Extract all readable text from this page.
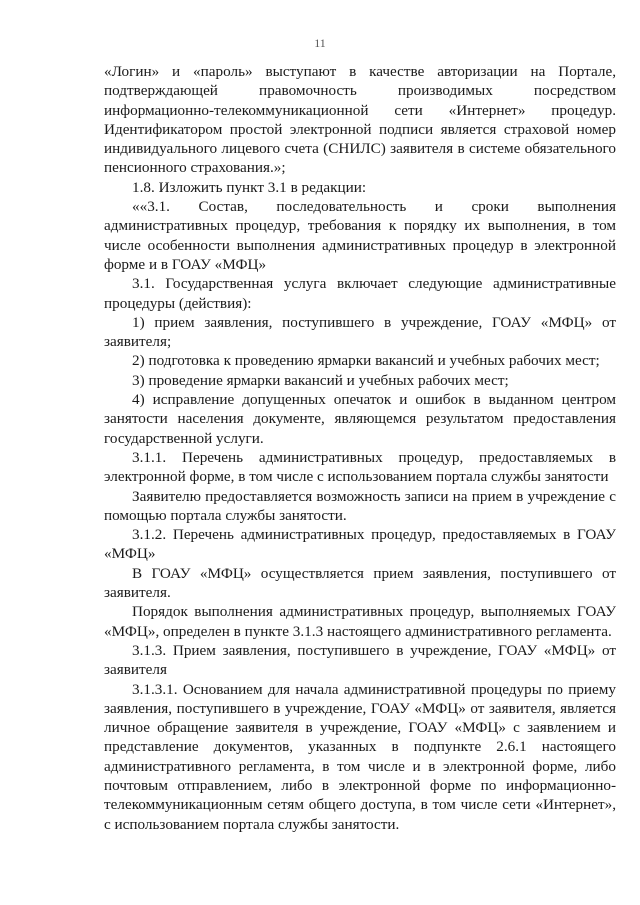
11

«Логин» и «пароль» выступают в качестве авторизации на Портале, подтверждающей правомочность производимых посредством информационно-телекоммуникационной сети «Интернет» процедур. Идентификатором простой электронной подписи является страховой номер индивидуального лицевого счета (СНИЛС) заявителя в системе обязательного пенсионного страхования.»;

1.8. Изложить пункт 3.1 в редакции:

««3.1. Состав, последовательность и сроки выполнения административных процедур, требования к порядку их выполнения, в том числе особенности выполнения административных процедур в электронной форме и в ГОАУ «МФЦ»

3.1. Государственная услуга включает следующие административные процедуры (действия):

1) прием заявления, поступившего в учреждение, ГОАУ «МФЦ» от заявителя;

2) подготовка к проведению ярмарки вакансий и учебных рабочих мест;

3) проведение ярмарки вакансий и учебных рабочих мест;

4) исправление допущенных опечаток и ошибок в выданном центром занятости населения документе, являющемся результатом предоставления государственной услуги.

3.1.1. Перечень административных процедур, предоставляемых в электронной форме, в том числе с использованием портала службы занятости

Заявителю предоставляется возможность записи на прием в учреждение с помощью портала службы занятости.

3.1.2. Перечень административных процедур, предоставляемых в ГОАУ «МФЦ»

В ГОАУ «МФЦ» осуществляется прием заявления, поступившего от заявителя.

Порядок выполнения административных процедур, выполняемых ГОАУ «МФЦ», определен в пункте 3.1.3 настоящего административного регламента.

3.1.3. Прием заявления, поступившего в учреждение, ГОАУ «МФЦ» от заявителя

3.1.3.1. Основанием для начала административной процедуры по приему заявления, поступившего в учреждение, ГОАУ «МФЦ» от заявителя, является личное обращение заявителя в учреждение, ГОАУ «МФЦ» с заявлением и представление документов, указанных в подпункте 2.6.1 настоящего административного регламента, в том числе и в электронной форме, либо почтовым отправлением, либо в электронной форме по информационно-телекоммуникационным сетям общего доступа, в том числе сети «Интернет», с использованием портала службы занятости.
